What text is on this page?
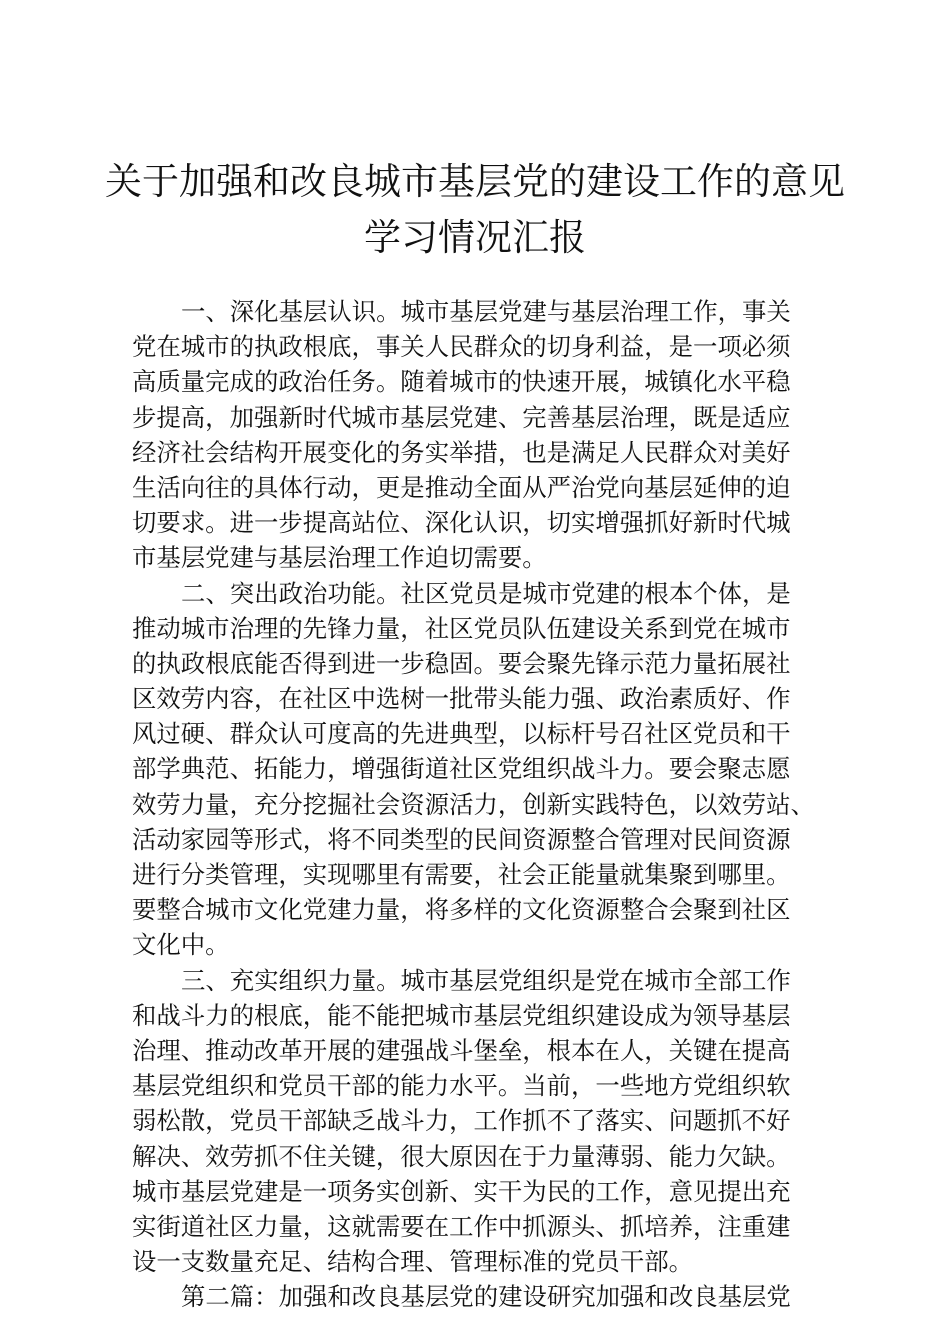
关于加强和改良城市基层党的建设工作的意见
学习情况汇报
一、深化基层认识。城市基层党建与基层治理工作，事关
党在城市的执政根底，事关人民群众的切身利益，是一项必须
高质量完成的政治任务。随着城市的快速开展，城镇化水平稳
步提高，加强新时代城市基层党建、完善基层治理，既是适应
经济社会结构开展变化的务实举措，也是满足人民群众对美好
生活向往的具体行动，更是推动全面从严治党向基层延伸的迫
切要求。进一步提高站位、深化认识，切实增强抓好新时代城
市基层党建与基层治理工作迫切需要。
二、突出政治功能。社区党员是城市党建的根本个体，是
推动城市治理的先锋力量，社区党员队伍建设关系到党在城市
的执政根底能否得到进一步稳固。要会聚先锋示范力量拓展社
区效劳内容，在社区中选树一批带头能力强、政治素质好、作
风过硬、群众认可度高的先进典型，以标杆号召社区党员和干
部学典范、拓能力，增强街道社区党组织战斗力。要会聚志愿
效劳力量，充分挖掘社会资源活力，创新实践特色，以效劳站、
活动家园等形式，将不同类型的民间资源整合管理对民间资源
进行分类管理，实现哪里有需要，社会正能量就集聚到哪里。
要整合城市文化党建力量，将多样的文化资源整合会聚到社区
文化中。
三、充实组织力量。城市基层党组织是党在城市全部工作
和战斗力的根底，能不能把城市基层党组织建设成为领导基层
治理、推动改革开展的建强战斗堡垒，根本在人，关键在提高
基层党组织和党员干部的能力水平。当前，一些地方党组织软
弱松散，党员干部缺乏战斗力，工作抓不了落实、问题抓不好
解决、效劳抓不住关键，很大原因在于力量薄弱、能力欠缺。
城市基层党建是一项务实创新、实干为民的工作，意见提出充
实街道社区力量，这就需要在工作中抓源头、抓培养，注重建
设一支数量充足、结构合理、管理标准的党员干部。
第二篇：加强和改良基层党的建设研究加强和改良基层党
